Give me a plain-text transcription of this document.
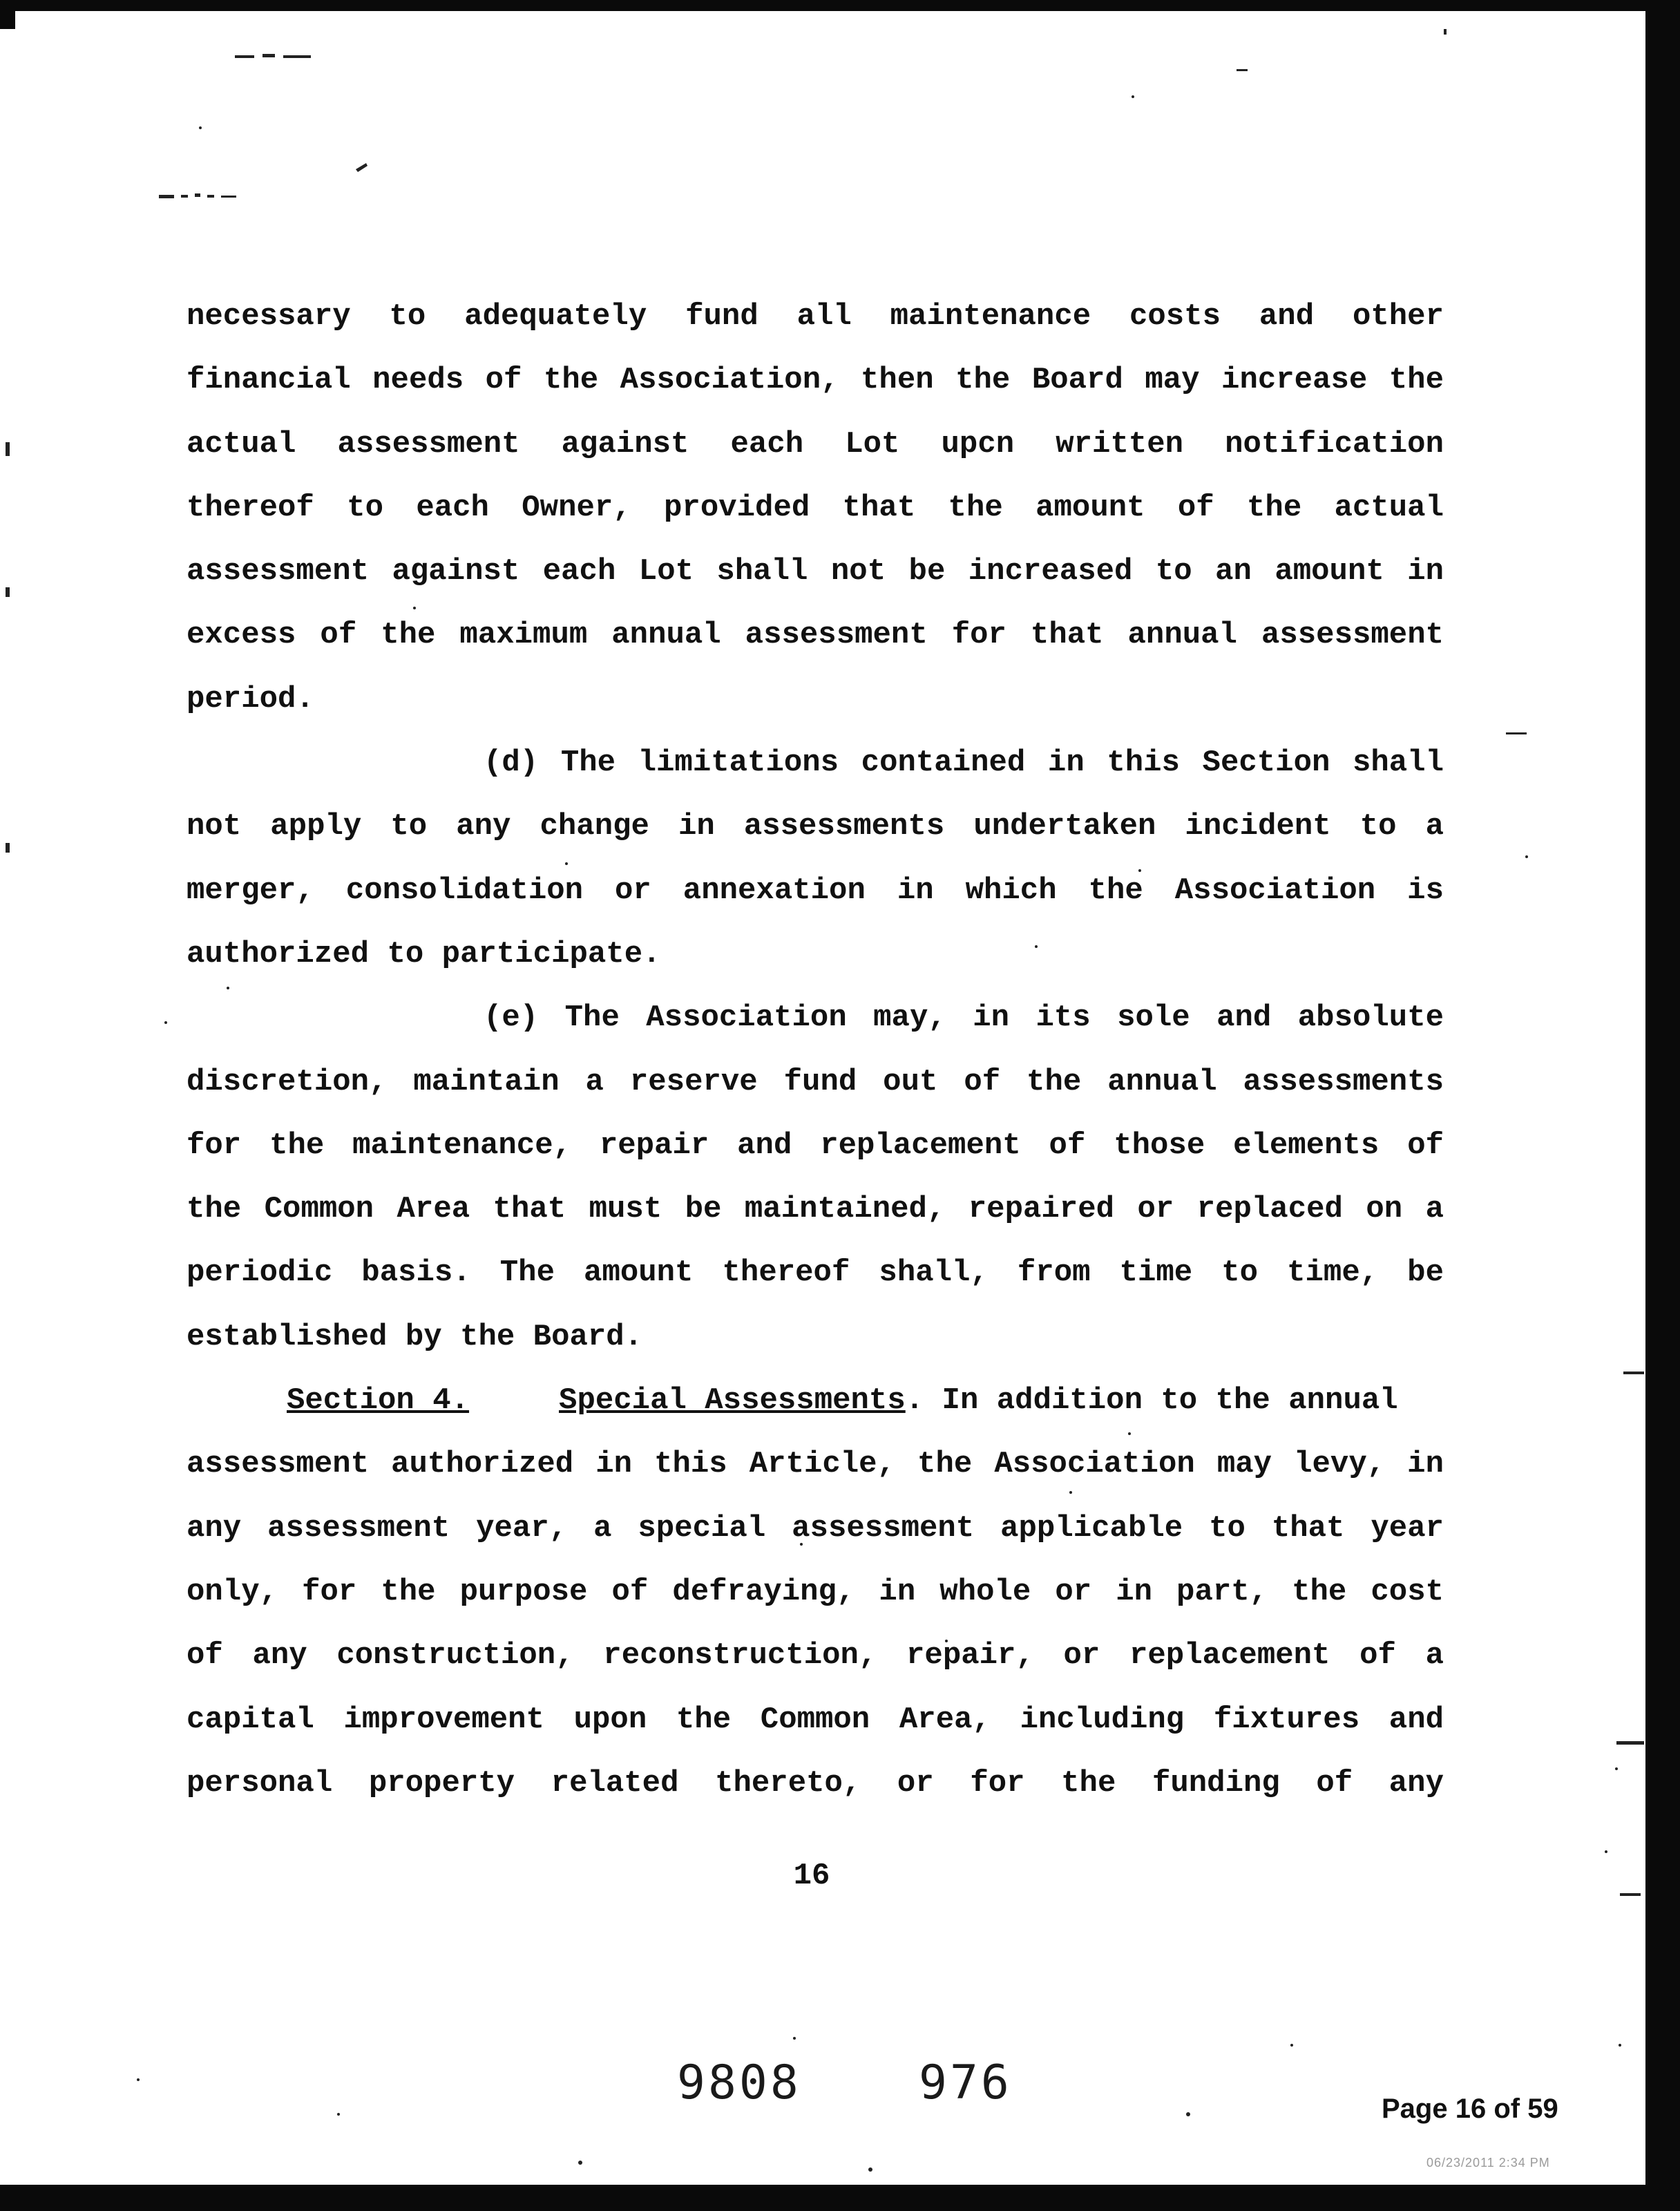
necessary to adequately fund all maintenance costs and other
financial needs of the Association, then the Board may increase the
actual assessment against each Lot upcn written notification
thereof to each Owner, provided that the amount of the actual
assessment against each Lot shall not be increased to an amount in
excess of the maximum annual assessment for that annual assessment
period.
(d) The limitations contained in this Section shall
not apply to any change in assessments undertaken incident to a
merger, consolidation or annexation in which the Association is
authorized to participate.
(e) The Association may, in its sole and absolute
discretion, maintain a reserve fund out of the annual assessments
for the maintenance, repair and replacement of those elements of
the Common Area that must be maintained, repaired or replaced on a
periodic basis. The amount thereof shall, from time to time, be
established by the Board.
Section 4.	Special Assessments. In addition to the annual
assessment authorized in this Article, the Association may levy, in
any assessment year, a special assessment applicable to that year
only, for the purpose of defraying, in whole or in part, the cost
of any construction, reconstruction, repair, or replacement of a
capital improvement upon the Common Area, including fixtures and
personal property related thereto, or for the funding of any
16
9808	976	Page 16 of 59
06/23/2011 2:34 PM
